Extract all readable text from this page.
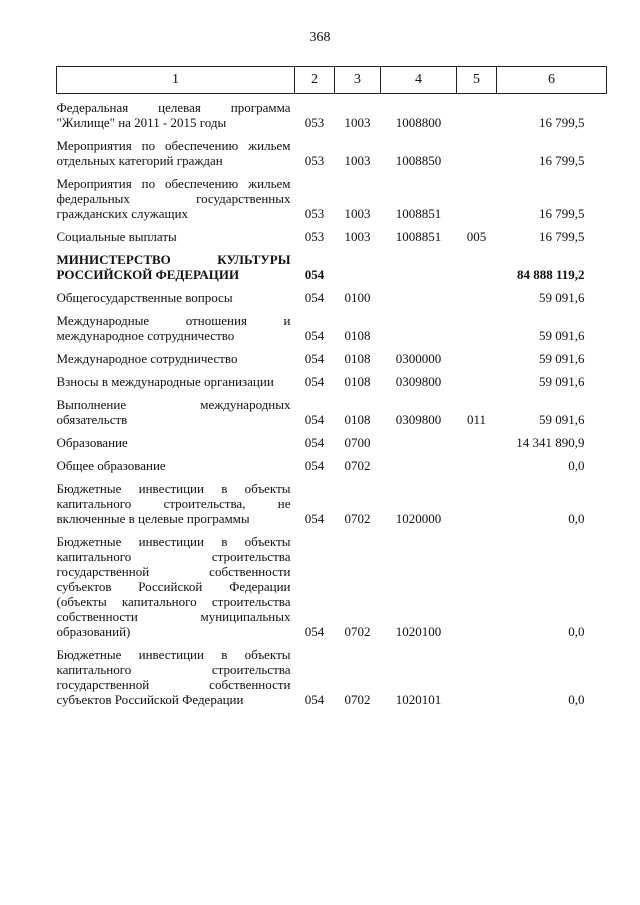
368
1	2	3	4	5	6
Федеральная целевая программа "Жилище" на 2011 - 2015 годы	053	1003	1008800		16 799,5
Мероприятия по обеспечению жильем отдельных категорий граждан	053	1003	1008850		16 799,5
Мероприятия по обеспечению жильем федеральных государственных гражданских служащих	053	1003	1008851		16 799,5
Социальные выплаты	053	1003	1008851	005	16 799,5
МИНИСТЕРСТВО КУЛЬТУРЫ РОССИЙСКОЙ ФЕДЕРАЦИИ	054				84 888 119,2
Общегосударственные вопросы	054	0100			59 091,6
Международные отношения и международное сотрудничество	054	0108			59 091,6
Международное сотрудничество	054	0108	0300000		59 091,6
Взносы в международные организации	054	0108	0309800		59 091,6
Выполнение международных обязательств	054	0108	0309800	011	59 091,6
Образование	054	0700			14 341 890,9
Общее образование	054	0702			0,0
Бюджетные инвестиции в объекты капитального строительства, не включенные в целевые программы	054	0702	1020000		0,0
Бюджетные инвестиции в объекты капитального строительства государственной собственности субъектов Российской Федерации (объекты капитального строительства собственности муниципальных образований)	054	0702	1020100		0,0
Бюджетные инвестиции в объекты капитального строительства государственной собственности субъектов Российской Федерации	054	0702	1020101		0,0
